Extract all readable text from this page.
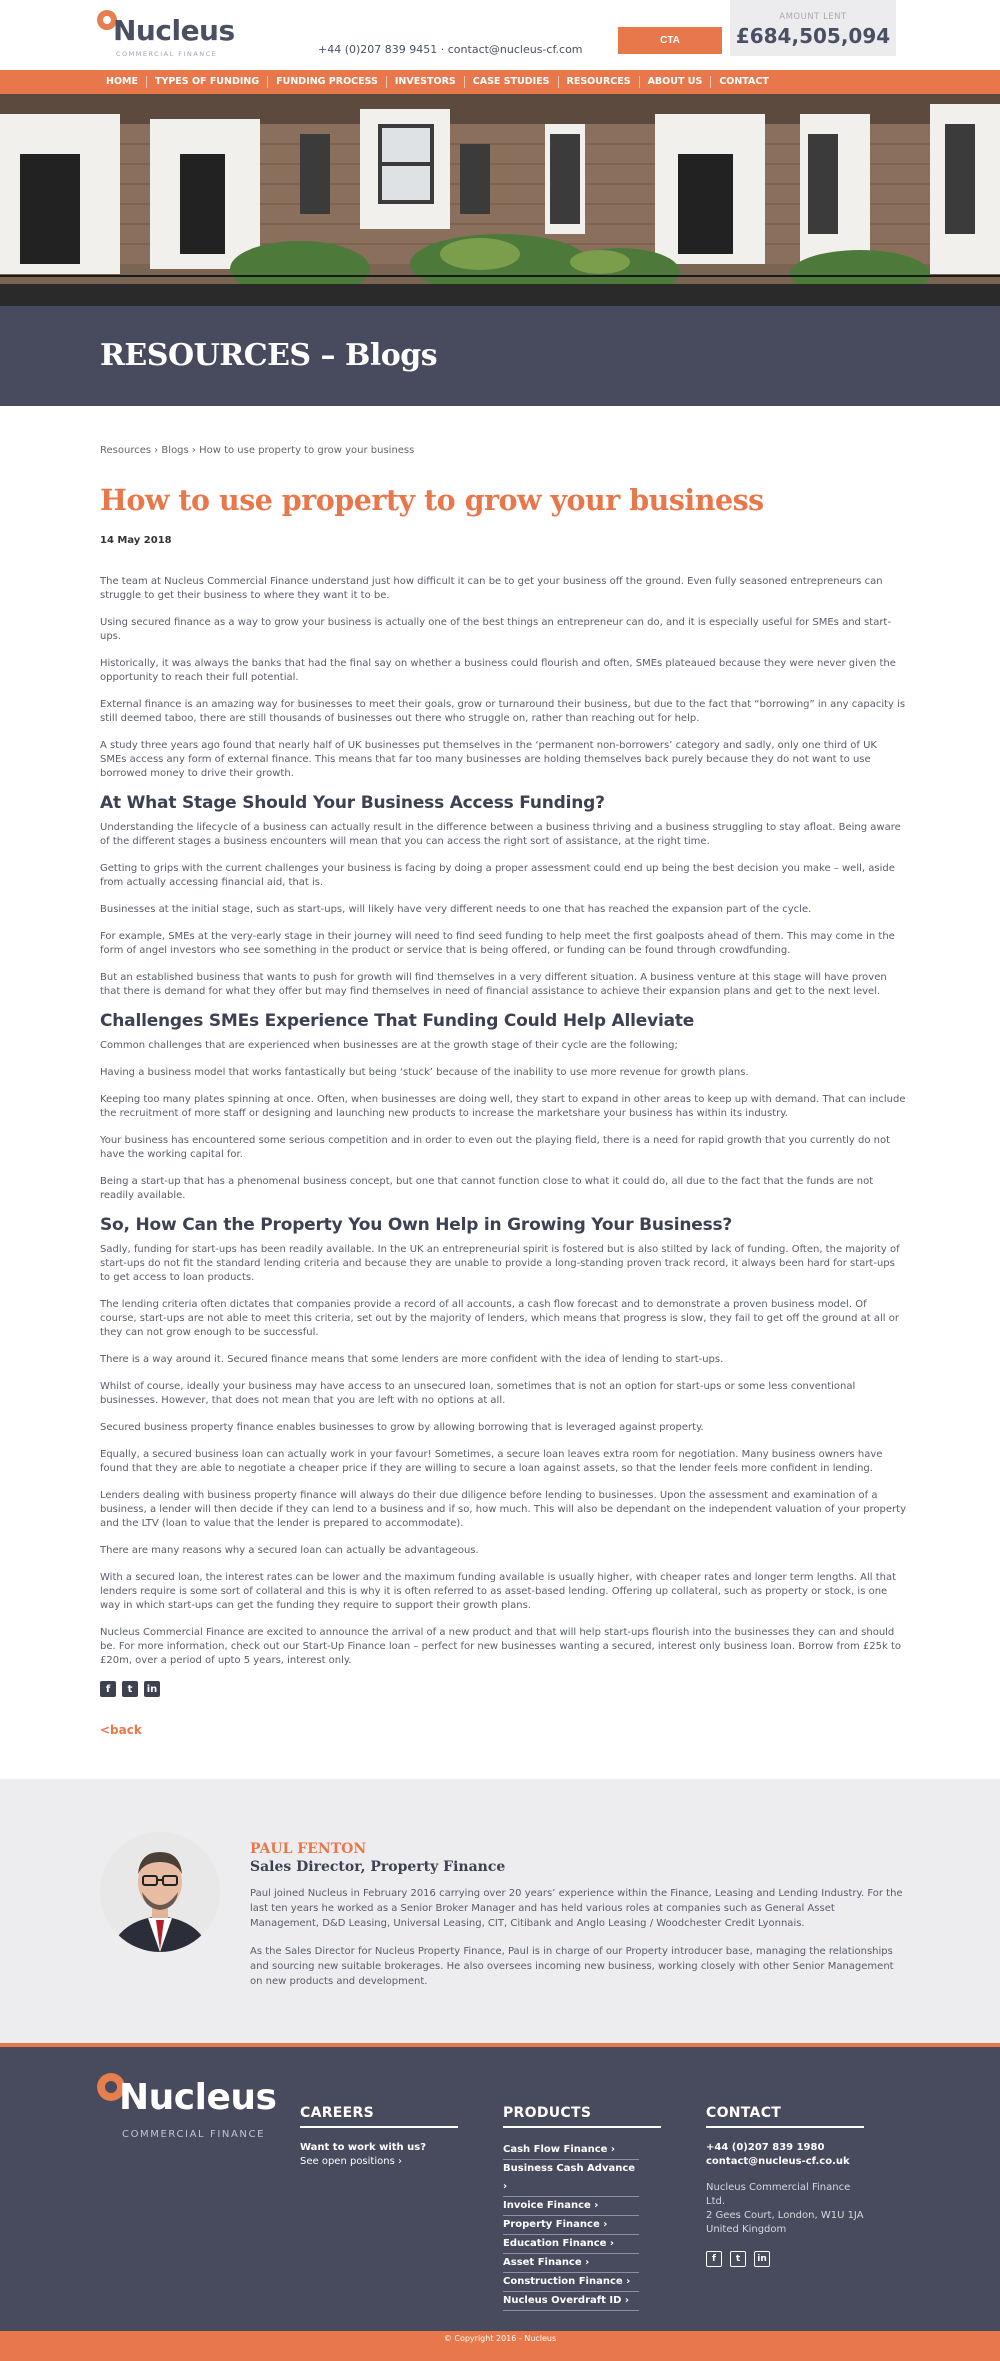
Nucleus
COMMERCIAL FINANCE	+44 (0)207 839 9451 · contact@nucleus-cf.com
CTA
AMOUNT LENT
£684,505,094
HOME	TYPES OF FUNDING	FUNDING PROCESS	INVESTORS	CASE STUDIES	RESOURCES	ABOUT US	CONTACT
RESOURCES – Blogs
Resources › Blogs › How to use property to grow your business
How to use property to grow your business
14 May 2018

The team at Nucleus Commercial Finance understand just how difficult it can be to get your business off the ground. Even fully seasoned entrepreneurs can struggle to get their business to where they want it to be.

Using secured finance as a way to grow your business is actually one of the best things an entrepreneur can do, and it is especially useful for SMEs and start-ups.

Historically, it was always the banks that had the final say on whether a business could flourish and often, SMEs plateaued because they were never given the opportunity to reach their full potential.

External finance is an amazing way for businesses to meet their goals, grow or turnaround their business, but due to the fact that “borrowing” in any capacity is still deemed taboo, there are still thousands of businesses out there who struggle on, rather than reaching out for help.

A study three years ago found that nearly half of UK businesses put themselves in the ‘permanent non-borrowers’ category and sadly, only one third of UK SMEs access any form of external finance. This means that far too many businesses are holding themselves back purely because they do not want to use borrowed money to drive their growth.

At What Stage Should Your Business Access Funding?

Understanding the lifecycle of a business can actually result in the difference between a business thriving and a business struggling to stay afloat. Being aware of the different stages a business encounters will mean that you can access the right sort of assistance, at the right time.

Getting to grips with the current challenges your business is facing by doing a proper assessment could end up being the best decision you make – well, aside from actually accessing financial aid, that is.

Businesses at the initial stage, such as start-ups, will likely have very different needs to one that has reached the expansion part of the cycle.

For example, SMEs at the very-early stage in their journey will need to find seed funding to help meet the first goalposts ahead of them. This may come in the form of angel investors who see something in the product or service that is being offered, or funding can be found through crowdfunding.

But an established business that wants to push for growth will find themselves in a very different situation. A business venture at this stage will have proven that there is demand for what they offer but may find themselves in need of financial assistance to achieve their expansion plans and get to the next level.

Challenges SMEs Experience That Funding Could Help Alleviate

Common challenges that are experienced when businesses are at the growth stage of their cycle are the following;

Having a business model that works fantastically but being ‘stuck’ because of the inability to use more revenue for growth plans.

Keeping too many plates spinning at once. Often, when businesses are doing well, they start to expand in other areas to keep up with demand. That can include the recruitment of more staff or designing and launching new products to increase the marketshare your business has within its industry.

Your business has encountered some serious competition and in order to even out the playing field, there is a need for rapid growth that you currently do not have the working capital for.

Being a start-up that has a phenomenal business concept, but one that cannot function close to what it could do, all due to the fact that the funds are not readily available.

So, How Can the Property You Own Help in Growing Your Business?

Sadly, funding for start-ups has been readily available. In the UK an entrepreneurial spirit is fostered but is also stilted by lack of funding. Often, the majority of start-ups do not fit the standard lending criteria and because they are unable to provide a long-standing proven track record, it always been hard for start-ups to get access to loan products.

The lending criteria often dictates that companies provide a record of all accounts, a cash flow forecast and to demonstrate a proven business model. Of course, start-ups are not able to meet this criteria, set out by the majority of lenders, which means that progress is slow, they fail to get off the ground at all or they can not grow enough to be successful.

There is a way around it. Secured finance means that some lenders are more confident with the idea of lending to start-ups.

Whilst of course, ideally your business may have access to an unsecured loan, sometimes that is not an option for start-ups or some less conventional businesses. However, that does not mean that you are left with no options at all.

Secured business property finance enables businesses to grow by allowing borrowing that is leveraged against property.

Equally, a secured business loan can actually work in your favour! Sometimes, a secure loan leaves extra room for negotiation. Many business owners have found that they are able to negotiate a cheaper price if they are willing to secure a loan against assets, so that the lender feels more confident in lending.

Lenders dealing with business property finance will always do their due diligence before lending to businesses. Upon the assessment and examination of a business, a lender will then decide if they can lend to a business and if so, how much. This will also be dependant on the independent valuation of your property and the LTV (loan to value that the lender is prepared to accommodate).

There are many reasons why a secured loan can actually be advantageous.

With a secured loan, the interest rates can be lower and the maximum funding available is usually higher, with cheaper rates and longer term lengths. All that lenders require is some sort of collateral and this is why it is often referred to as asset-based lending. Offering up collateral, such as property or stock, is one way in which start-ups can get the funding they require to support their growth plans.

Nucleus Commercial Finance are excited to announce the arrival of a new product and that will help start-ups flourish into the businesses they can and should be. For more information, check out our Start-Up Finance loan – perfect for new businesses wanting a secured, interest only business loan. Borrow from £25k to £20m, over a period of upto 5 years, interest only.

f	t	in
<back
PAUL FENTON
Sales Director, Property Finance

Paul joined Nucleus in February 2016 carrying over 20 years’ experience within the Finance, Leasing and Lending Industry. For the last ten years he worked as a Senior Broker Manager and has held various roles at companies such as General Asset Management, D&D Leasing, Universal Leasing, CIT, Citibank and Anglo Leasing / Woodchester Credit Lyonnais.

As the Sales Director for Nucleus Property Finance, Paul is in charge of our Property introducer base, managing the relationships and sourcing new suitable brokerages. He also oversees incoming new business, working closely with other Senior Management on new products and development.

Nucleus
COMMERCIAL FINANCE
CAREERS
Want to work with us?
See open positions ›
PRODUCTS
Cash Flow Finance ›
Business Cash Advance ›
Invoice Finance ›
Property Finance ›
Education Finance ›
Asset Finance ›
Construction Finance ›
Nucleus Overdraft ID ›
CONTACT
+44 (0)207 839 1980
contact@nucleus-cf.co.uk
Nucleus Commercial Finance Ltd.
2 Gees Court, London, W1U 1JA
United Kingdom
f	t	in
© Copyright 2016 - Nucleus
